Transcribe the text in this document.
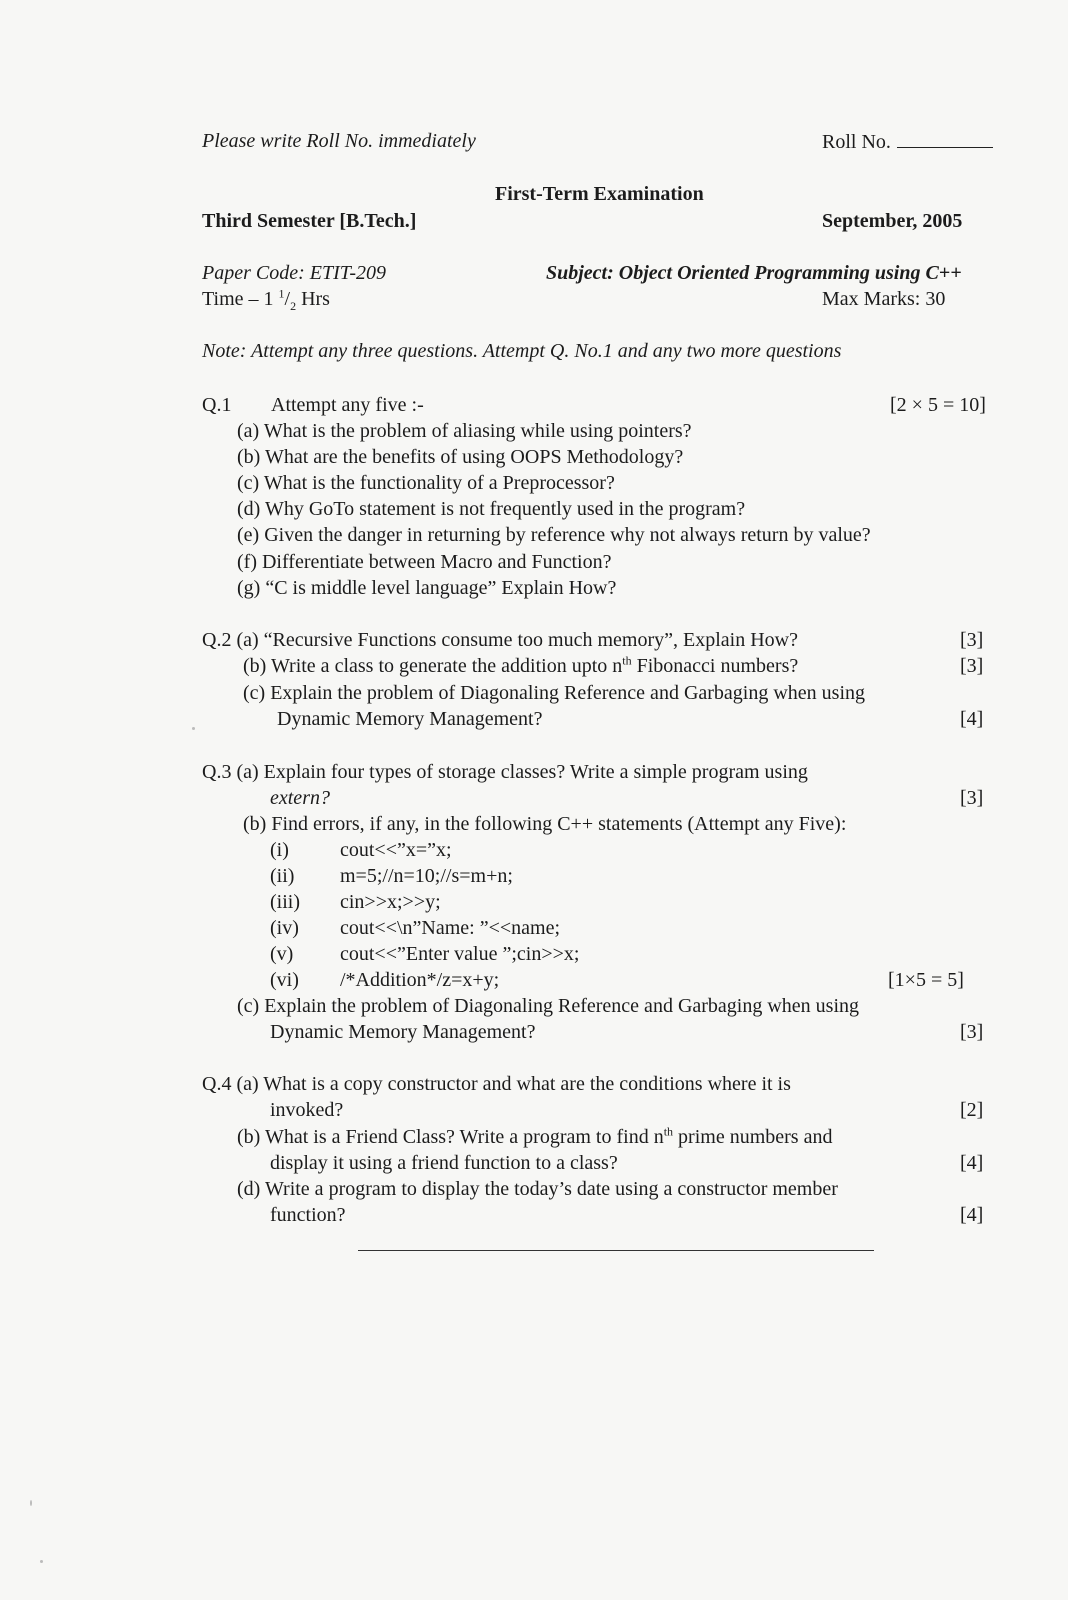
Please write Roll No. immediately	Roll No.
First-Term Examination
Third Semester [B.Tech.]	September, 2005
Paper Code: ETIT-209	Subject: Object Oriented Programming using C++
Time – 1 $^1/_2$ Hrs	Max Marks: 30
Note: Attempt any three questions. Attempt Q. No.1 and any two more questions
Q.1 Attempt any five :-	[2 × 5 = 10]
(a) What is the problem of aliasing while using pointers?
(b) What are the benefits of using OOPS Methodology?
(c) What is the functionality of a Preprocessor?
(d) Why GoTo statement is not frequently used in the program?
(e) Given the danger in returning by reference why not always return by value?
(f) Differentiate between Macro and Function?
(g) “C is middle level language” Explain How?
Q.2 (a) “Recursive Functions consume too much memory”, Explain How?	[3]
(b) Write a class to generate the addition upto $n^{th}$ Fibonacci numbers?	[3]
(c) Explain the problem of Diagonaling Reference and Garbaging when using
Dynamic Memory Management?	[4]
Q.3 (a) Explain four types of storage classes? Write a simple program using
extern?	[3]
(b) Find errors, if any, in the following C++ statements (Attempt any Five):
(i)	cout<<”x=”x;
(ii) m=5;//n=10;//s=m+n;
(iii) cin>>x;>>y;
(iv) cout<<\n”Name: ”<<name;
(v) cout<<”Enter value ”;cin>>x;
(vi) /*Addition*/z=x+y;	[1×5 = 5]
(c) Explain the problem of Diagonaling Reference and Garbaging when using
Dynamic Memory Management?	[3]
Q.4 (a) What is a copy constructor and what are the conditions where it is
invoked?	[2]
(b) What is a Friend Class? Write a program to find $n^{th}$ prime numbers and
display it using a friend function to a class?	[4]
(d) Write a program to display the today’s date using a constructor member
function?	[4]
